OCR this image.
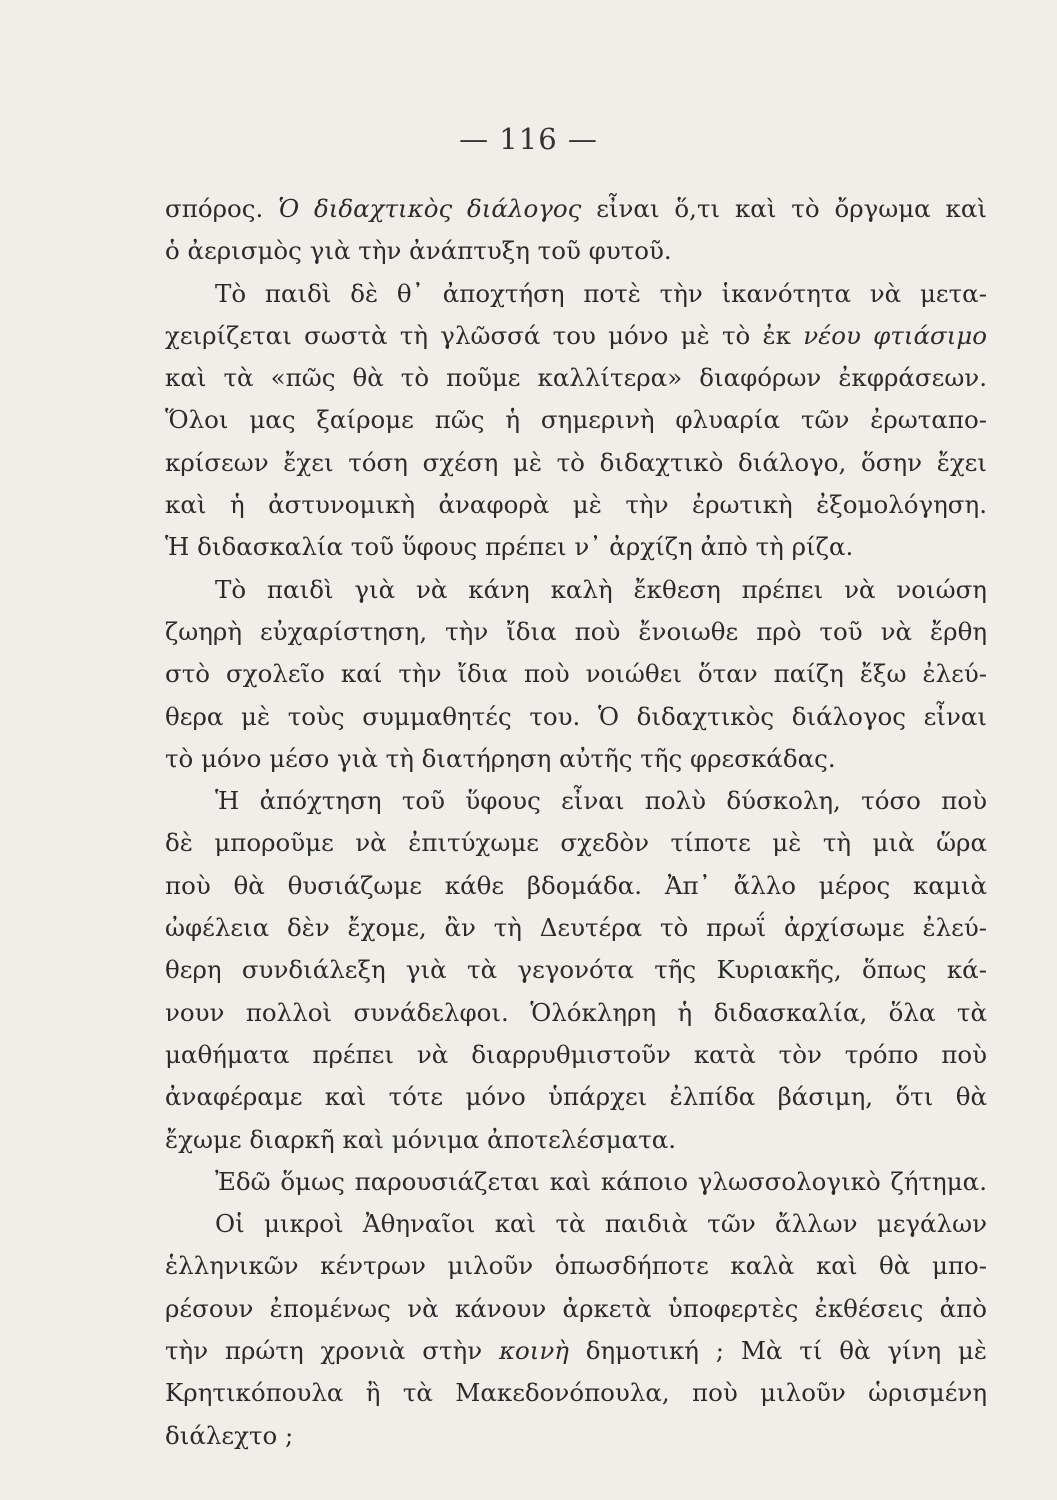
— 116 —
σπόρος. Ὁ διδαχτικὸς διάλογος εἶναι ὅ,τι καὶ τὸ ὄργωμα καὶ
ὁ ἀερισμὸς γιὰ τὴν ἀνάπτυξη τοῦ φυτοῦ.
Τὸ παιδὶ δὲ θ᾽ ἀποχτήση ποτὲ τὴν ἱκανότητα νὰ μετα-
χειρίζεται σωστὰ τὴ γλῶσσά του μόνο μὲ τὸ ἐκ νέου φτιάσιμο
καὶ τὰ «πῶς θὰ τὸ ποῦμε καλλίτερα» διαφόρων ἐκφράσεων.
Ὅλοι μας ξαίρομε πῶς ἡ σημερινὴ φλυαρία τῶν ἐρωταπο-
κρίσεων ἔχει τόση σχέση μὲ τὸ διδαχτικὸ διάλογο, ὅσην ἔχει
καὶ ἡ ἀστυνομικὴ ἀναφορὰ μὲ τὴν ἐρωτικὴ ἐξομολόγηση.
Ἡ διδασκαλία τοῦ ὕφους πρέπει ν᾽ ἀρχίζη ἀπὸ τὴ ρίζα.
Τὸ παιδὶ γιὰ νὰ κάνη καλὴ ἔκθεση πρέπει νὰ νοιώση
ζωηρὴ εὐχαρίστηση, τὴν ἴδια ποὺ ἔνοιωθε πρὸ τοῦ νὰ ἔρθη
στὸ σχολεῖο καί τὴν ἴδια ποὺ νοιώθει ὅταν παίζη ἔξω ἐλεύ-
θερα μὲ τοὺς συμμαθητές του. Ὁ διδαχτικὸς διάλογος εἶναι
τὸ μόνο μέσο γιὰ τὴ διατήρηση αὐτῆς τῆς φρεσκάδας.
Ἡ ἀπόχτηση τοῦ ὕφους εἶναι πολὺ δύσκολη, τόσο ποὺ
δὲ μποροῦμε νὰ ἐπιτύχωμε σχεδὸν τίποτε μὲ τὴ μιὰ ὥρα
ποὺ θὰ θυσιάζωμε κάθε βδομάδα. Ἀπ᾽ ἄλλο μέρος καμιὰ
ὠφέλεια δὲν ἔχομε, ἂν τὴ Δευτέρα τὸ πρωΐ ἀρχίσωμε ἐλεύ-
θερη συνδιάλεξη γιὰ τὰ γεγονότα τῆς Κυριακῆς, ὅπως κά-
νουν πολλοὶ συνάδελφοι. Ὁλόκληρη ἡ διδασκαλία, ὅλα τὰ
μαθήματα πρέπει νὰ διαρρυθμιστοῦν κατὰ τὸν τρόπο ποὺ
ἀναφέραμε καὶ τότε μόνο ὑπάρχει ἐλπίδα βάσιμη, ὅτι θὰ
ἔχωμε διαρκῆ καὶ μόνιμα ἀποτελέσματα.
Ἐδῶ ὅμως παρουσιάζεται καὶ κάποιο γλωσσολογικὸ ζήτημα.
Οἱ μικροὶ Ἀθηναῖοι καὶ τὰ παιδιὰ τῶν ἄλλων μεγάλων
ἑλληνικῶν κέντρων μιλοῦν ὁπωσδήποτε καλὰ καὶ θὰ μπο-
ρέσουν ἐπομένως νὰ κάνουν ἀρκετὰ ὑποφερτὲς ἐκθέσεις ἀπὸ
τὴν πρώτη χρονιὰ στὴν κοινὴ δημοτική ; Μὰ τί θὰ γίνη μὲ
Κρητικόπουλα ἢ τὰ Μακεδονόπουλα, ποὺ μιλοῦν ὡρισμένη
διάλεχτο ;
